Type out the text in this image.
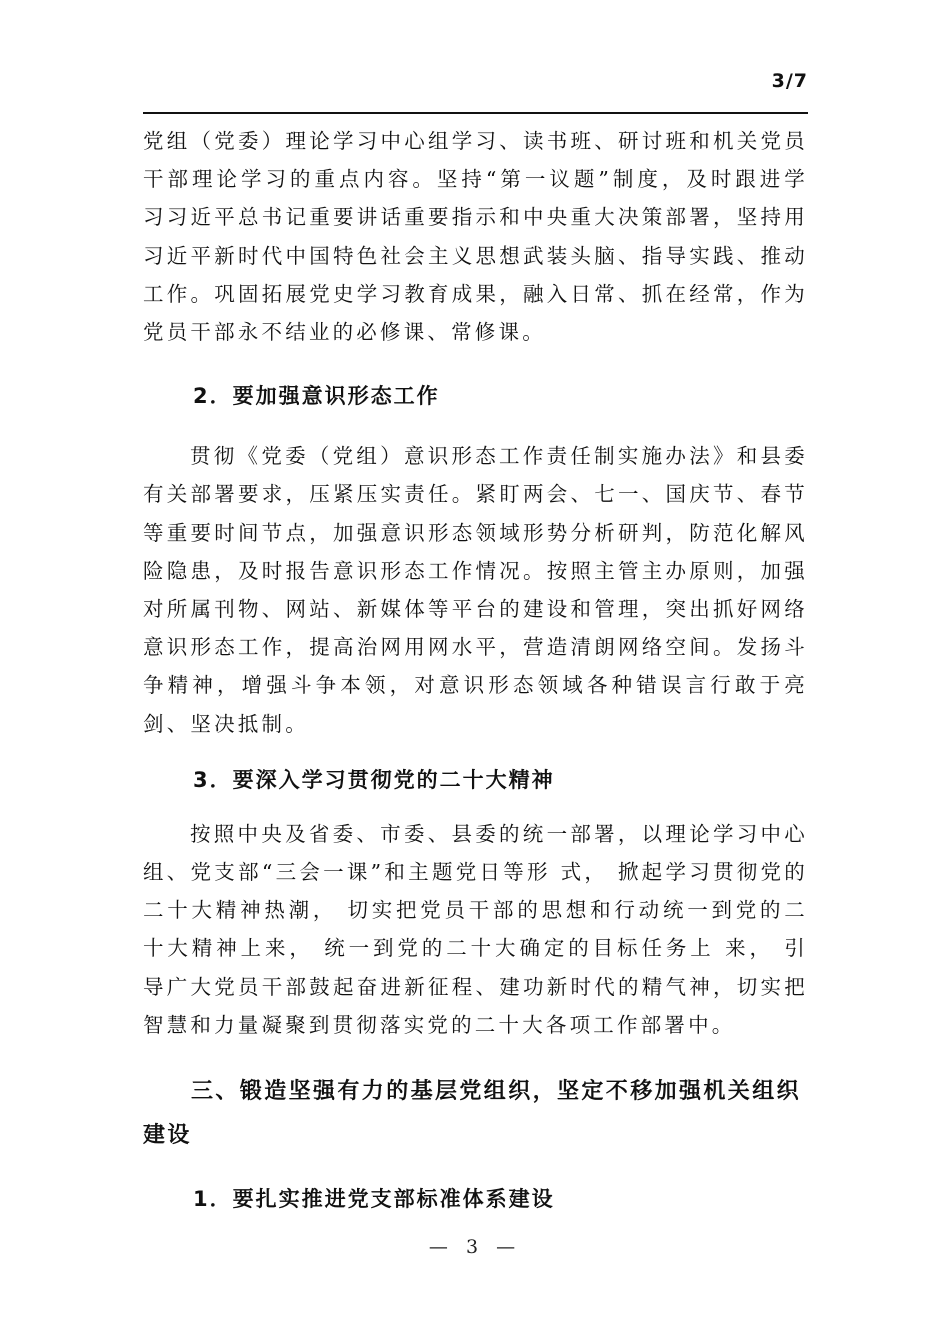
3/7

党组（党委）理论学习中心组学习、读书班、研讨班和机关党员干部理论学习的重点内容。坚持“第一议题”制度，及时跟进学习习近平总书记重要讲话重要指示和中央重大决策部署，坚持用习近平新时代中国特色社会主义思想武装头脑、指导实践、推动工作。巩固拓展党史学习教育成果，融入日常、抓在经常，作为党员干部永不结业的必修课、常修课。

2．要加强意识形态工作

贯彻《党委（党组）意识形态工作责任制实施办法》和县委有关部署要求，压紧压实责任。紧盯两会、七一、国庆节、春节等重要时间节点，加强意识形态领域形势分析研判，防范化解风险隐患，及时报告意识形态工作情况。按照主管主办原则，加强对所属刊物、网站、新媒体等平台的建设和管理，突出抓好网络意识形态工作，提高治网用网水平，营造清朗网络空间。发扬斗争精神，增强斗争本领，对意识形态领域各种错误言行敢于亮剑、坚决抵制。

3．要深入学习贯彻党的二十大精神

按照中央及省委、市委、县委的统一部署，以理论学习中心组、党支部“三会一课”和主题党日等形 式， 掀起学习贯彻党的二十大精神热潮， 切实把党员干部的思想和行动统一到党的二十大精神上来， 统一到党的二十大确定的目标任务上 来， 引导广大党员干部鼓起奋进新征程、建功新时代的精气神，切实把智慧和力量凝聚到贯彻落实党的二十大各项工作部署中。

三、锻造坚强有力的基层党组织，坚定不移加强机关组织建设

1．要扎实推进党支部标准体系建设

— 3 —
